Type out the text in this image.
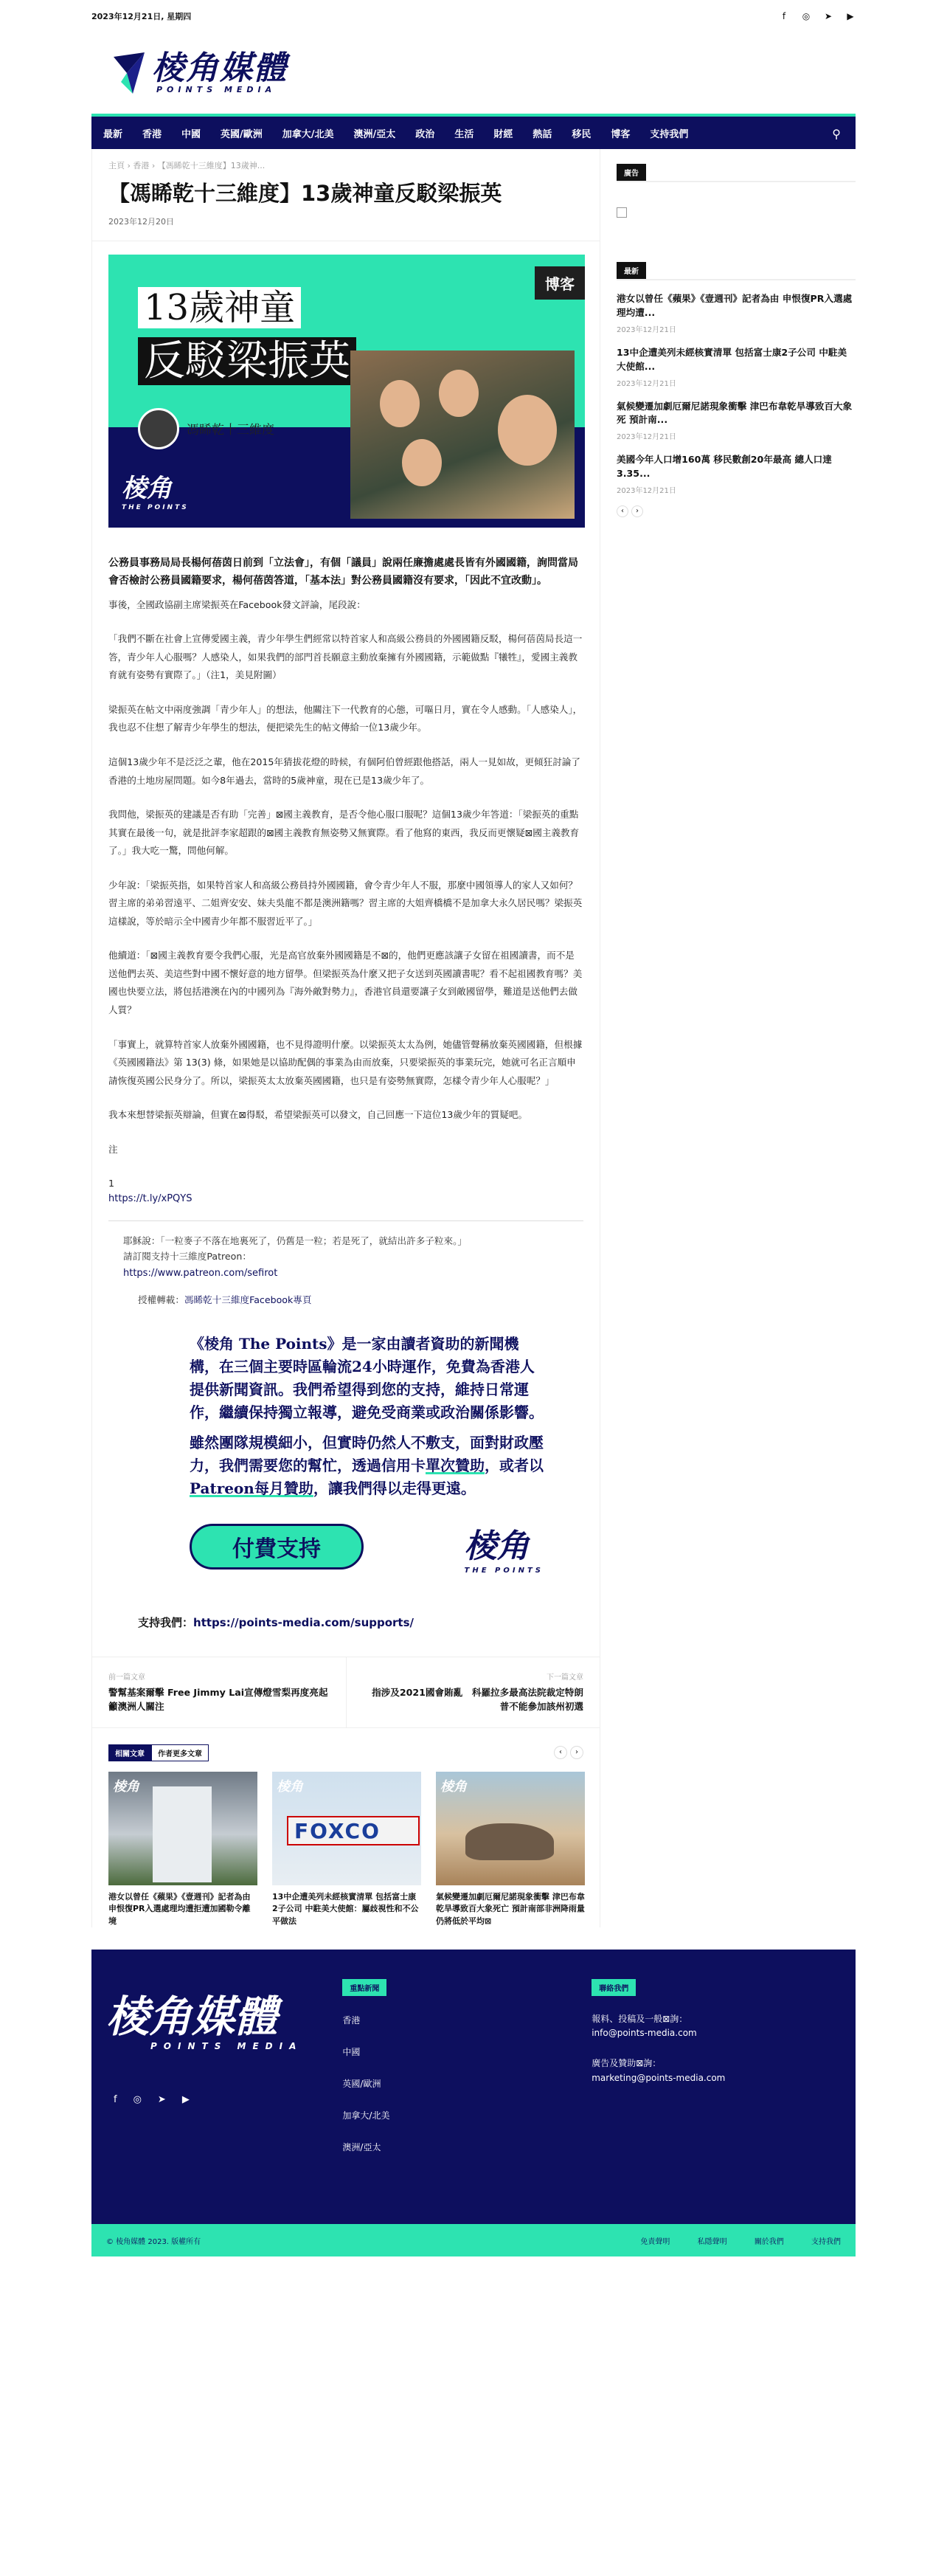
2023年12月21日, 星期四	f	◎ ➤ ▶
棱角媒體
POINTS MEDIA
最新 香港 中國 英國/歐洲 加拿大/北美 澳洲/亞太 政治 生活 財經 熱話 移民 博客 支持我們	⚲
主頁 › 香港 › 【馮睎乾十三維度】13歲神...
【馮睎乾十三維度】13歲神童反駁梁振英
2023年12月20日
13歲神童
反駁梁振英
馮睎乾十三維度
博客
棱角
THE POINTS

公務員事務局局長楊何蓓茵日前到「立法會」，有個「議員」說兩任廉擔處處長皆有外國國籍，詢問當局會否檢討公務員國籍要求，楊何蓓茵答道，「基本法」對公務員國籍沒有要求，「因此不宜改動」。

事後，全國政協副主席梁振英在Facebook發文評論，尾段說：

「我們不斷在社會上宣傳愛國主義，青少年學生們經常以特首家人和高級公務員的外國國籍反駁，楊何蓓茵局長這一答，青少年人心服嗎？人感染人，如果我們的部門首長願意主動放棄擁有外國國籍，示範做點『犧牲』，愛國主義教育就有姿勢有實際了。」（注1，美見附圖）

梁振英在帖文中兩度強調「青少年人」的想法，他關注下一代教育的心態，可嘔日月，實在令人感動。「人感染人」，我也忍不住想了解青少年學生的想法，便把梁先生的帖文傳給一位13歲少年。

這個13歲少年不是泛泛之輩，他在2015年猜拔花燈的時候，有個阿伯曾經跟他搭話，兩人一見如故，更傾狂討論了香港的土地房屋問題。如今8年過去，當時的5歲神童，現在已是13歲少年了。

我問他，梁振英的建議是否有助「完善」⊠國主義教育，是否令他心服口服呢？這個13歲少年答道：「梁振英的重點其實在最後一句，就是批評李家超跟的⊠國主義教育無姿勢又無實際。看了他寫的東西，我反而更懷疑⊠國主義教育了。」我大吃一驚，問他何解。

少年說：「梁振英指，如果特首家人和高級公務員持外國國籍，會令青少年人不服，那麼中國領導人的家人又如何？習主席的弟弟習遠平、二姐齊安安、妹夫吳龍不都是澳洲籍嗎？習主席的大姐齊橋橋不是加拿大永久居民嗎？梁振英這樣說，等於暗示全中國青少年都不服習近平了。」

他續道：「⊠國主義教育要令我們心服，光是高官放棄外國國籍是不⊠的，他們更應該讓子女留在祖國讀書，而不是送他們去英、美這些對中國不懷好意的地方留學。但梁振英為什麼又把子女送到英國讀書呢？看不起祖國教育嗎？美國也快要立法，將包括港澳在內的中國列為『海外敵對勢力』，香港官員還要讓子女到敵國留學，難道是送他們去做人質？

「事實上，就算特首家人放棄外國國籍，也不見得證明什麼。以梁振英太太為例，她儘管聲稱放棄英國國籍，但根據《英國國籍法》第 13(3) 條，如果她是以協助配偶的事業為由而放棄，只要梁振英的事業玩完，她就可名正言順申請恢復英國公民身分了。所以，梁振英太太放棄英國國籍，也只是有姿勢無實際，怎樣令青少年人心服呢？」

我本來想替梁振英辯論，但實在⊠得駁，希望梁振英可以發文，自己回應一下這位13歲少年的質疑吧。

注

1

https://t.ly/xPQYS
耶穌說：「一粒麥子不落在地裏死了，仍舊是一粒；若是死了，就結出許多子粒來。」
請訂閱支持十三維度Patreon：
https://www.patreon.com/sefirot
授權轉載：馮睎乾十三維度Facebook專頁

《棱角 The Points》是一家由讀者資助的新聞機構，在三個主要時區輪流24小時運作，免費為香港人提供新聞資訊。我們希望得到您的支持，維持日常運作，繼續保持獨立報導，避免受商業或政治關係影響。

雖然團隊規模細小，但實時仍然人不敷支，面對財政壓力，我們需要您的幫忙，透過信用卡單次贊助，或者以Patreon每月贊助，讓我們得以走得更遠。

付費支持	棱角
THE POINTS
支持我們：https://points-media.com/supports/
前一篇文章
警幫基案爾擊 Free Jimmy Lai宣傳燈雪梨再度亮起籲澳洲人關注
下一篇文章
指涉及2021國會賄亂　科羅拉多最高法院裁定特朗普不能參加該州初選
相關文章	作者更多文章	‹ ›
棱角
港女以曾任《蘋果》《壹週刊》記者為由 申恨復PR入選處理均遭拒遭加國勒令離境
FOXCO
棱角
13中企遭美列未經核實清單 包括富士康2子公司 中駐美大使館：屬歧視性和不公平做法
棱角
氣候變遷加劇厄爾尼諾現象衝擊 津巴布韋乾旱導致百大象死亡 預計南部非洲降雨量仍將低於平均⊠
廣告
最新
港女以曾任《蘋果》《壹週刊》記者為由 申恨復PR入選處理均遭...
2023年12月21日
13中企遭美列未經核實清單 包括富士康2子公司 中駐美大使館...
2023年12月21日
氣候變遷加劇厄爾尼諾現象衝擊 津巴布韋乾旱導致百大象死 預計南...
2023年12月21日
美國今年人口增160萬 移民數創20年最高 總人口達3.35...
2023年12月21日
‹ ›
棱角媒體
POINTS MEDIA
f ◎ ➤ ▶
重點新聞
香港
中國
英國/歐洲
加拿大/北美
澳洲/亞太
聯絡我們
報料、投稿及一般⊠詢：
info@points-media.com
廣告及贊助⊠詢：
marketing@points-media.com
© 棱角媒體 2023. 版權所有	免責聲明	私隱聲明	關於我們	支持我們
